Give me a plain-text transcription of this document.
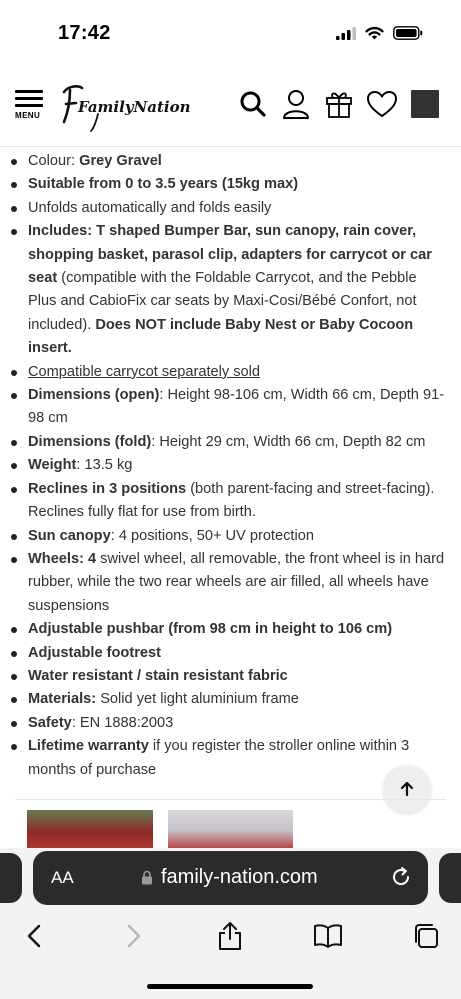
17:42
MENU	FamilyNation
Colour: Grey Gravel
Suitable from 0 to 3.5 years (15kg max)
Unfolds automatically and folds easily
Includes: T shaped Bumper Bar, sun canopy, rain cover, shopping basket, parasol clip, adapters for carrycot or car seat (compatible with the Foldable Carrycot, and the Pebble Plus and CabioFix car seats by Maxi-Cosi/Bébé Confort, not included). Does NOT include Baby Nest or Baby Cocoon insert.
Compatible carrycot separately sold
Dimensions (open): Height 98-106 cm, Width 66 cm, Depth 91-98 cm
Dimensions (fold): Height 29 cm, Width 66 cm, Depth 82 cm
Weight: 13.5 kg
Reclines in 3 positions (both parent-facing and street-facing). Reclines fully flat for use from birth.
Sun canopy: 4 positions, 50+ UV protection
Wheels: 4 swivel wheel, all removable, the front wheel is in hard rubber, while the two rear wheels are air filled, all wheels have suspensions
Adjustable pushbar (from 98 cm in height to 106 cm)
Adjustable footrest
Water resistant / stain resistant fabric
Materials: Solid yet light aluminium frame
Safety: EN 1888:2003
Lifetime warranty if you register the stroller online within 3 months of purchase
AA	family-nation.com
